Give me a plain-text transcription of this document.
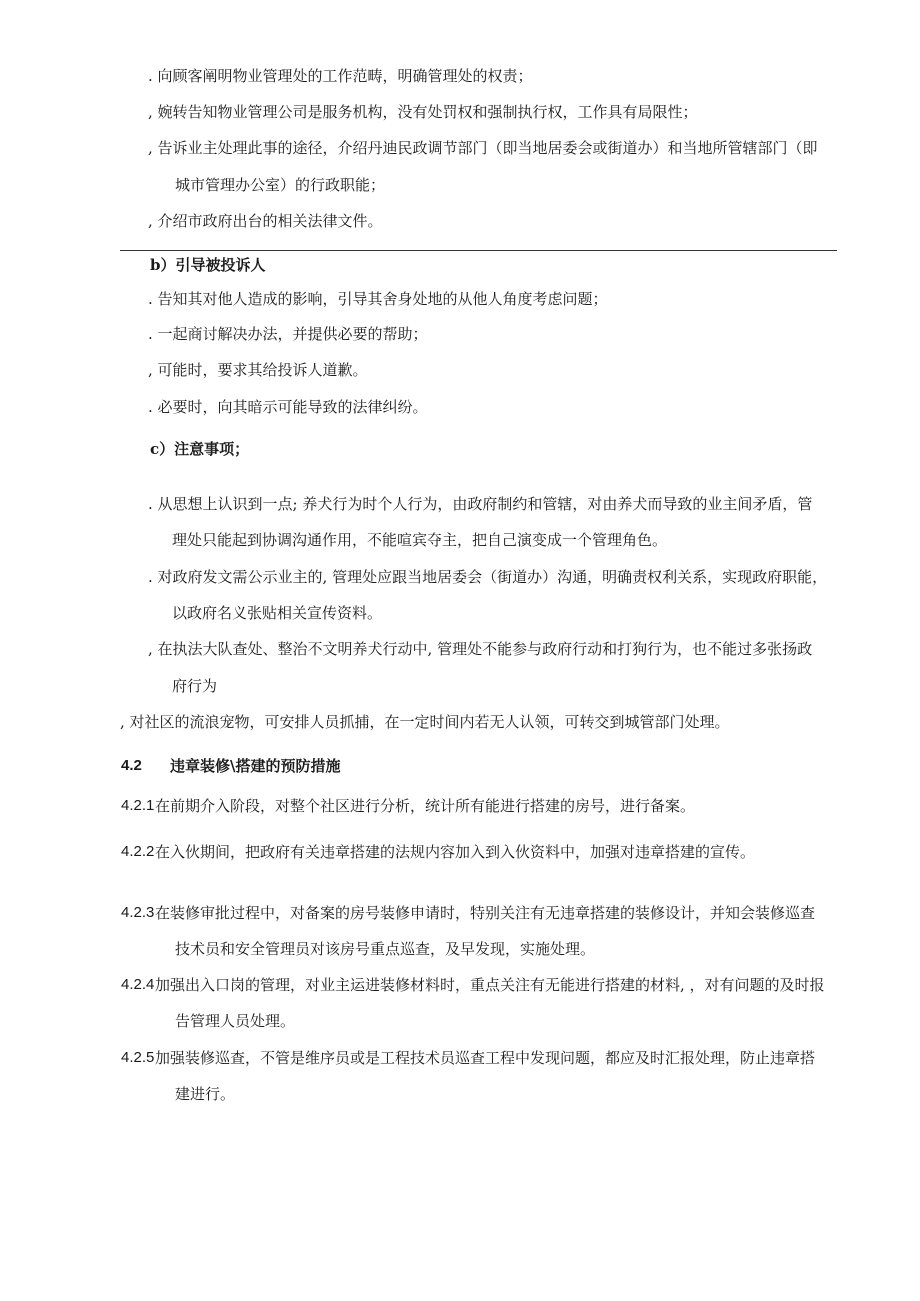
. 向顾客阐明物业管理处的工作范畴，明确管理处的权责；
, 婉转告知物业管理公司是服务机构，没有处罚权和强制执行权，工作具有局限性；
, 告诉业主处理此事的途径，介绍丹迪民政调节部门（即当地居委会或街道办）和当地所管辖部门（即
城市管理办公室）的行政职能；
, 介绍市政府出台的相关法律文件。
b）引导被投诉人
. 告知其对他人造成的影响，引导其舍身处地的从他人角度考虑问题；
. 一起商讨解决办法，并提供必要的帮助；
, 可能时，要求其给投诉人道歉。
. 必要时，向其暗示可能导致的法律纠纷。
c）注意事项；
. 从思想上认识到一点; 养犬行为时个人行为，由政府制约和管辖，对由养犬而导致的业主间矛盾，管
理处只能起到协调沟通作用，不能喧宾夺主，把自己演变成一个管理角色。
. 对政府发文需公示业主的, 管理处应跟当地居委会（街道办）沟通，明确责权利关系，实现政府职能，
以政府名义张贴相关宣传资料。
, 在执法大队查处、整治不文明养犬行动中, 管理处不能参与政府行动和打狗行为，也不能过多张扬政
府行为
, 对社区的流浪宠物，可安排人员抓捕，在一定时间内若无人认领，可转交到城管部门处理。
4.2 违章装修\搭建的预防措施
4.2.1 在前期介入阶段，对整个社区进行分析，统计所有能进行搭建的房号，进行备案。
4.2.2 在入伙期间，把政府有关违章搭建的法规内容加入到入伙资料中，加强对违章搭建的宣传。
4.2.3 在装修审批过程中，对备案的房号装修申请时，特别关注有无违章搭建的装修设计，并知会装修巡查
技术员和安全管理员对该房号重点巡查，及早发现，实施处理。
4.2.4 加强出入口岗的管理，对业主运进装修材料时，重点关注有无能进行搭建的材料, ，对有问题的及时报
告管理人员处理。
4.2.5 加强装修巡查，不管是维序员或是工程技术员巡查工程中发现问题，都应及时汇报处理，防止违章搭
建进行。
